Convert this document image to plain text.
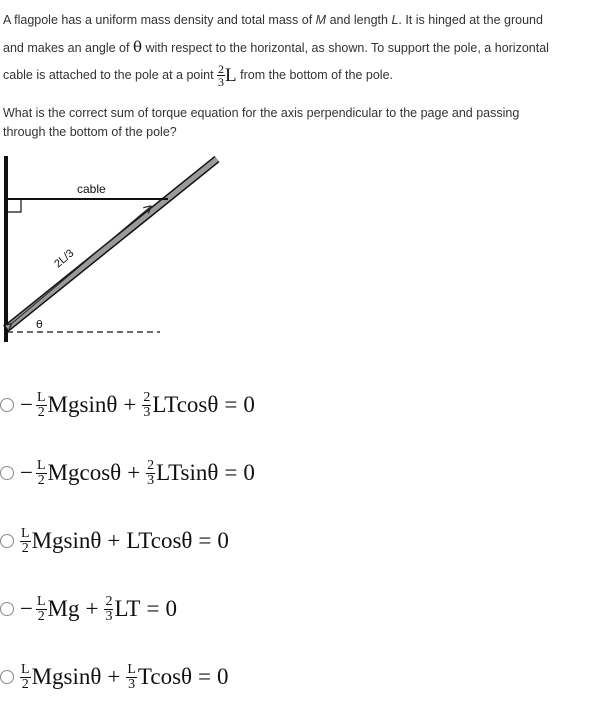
A flagpole has a uniform mass density and total mass of M and length L. It is hinged at the ground

and makes an angle of θ with respect to the horizontal, as shown. To support the pole, a horizontal

cable is attached to the pole at a point $\frac{2}{3}$ L from the bottom of the pole.

What is the correct sum of torque equation for the axis perpendicular to the page and passing
through the bottom of the pole?
cable
2L/3
θ
− $\frac{L}{2}$ $Mgsin\theta + \frac{2}{3}$ LTcosθ = 0
− $\frac{L}{2}$ $Mgcos\theta + \frac{2}{3}$ LTsinθ = 0
$\frac{L}{2}$ Mgsinθ + LTcosθ = 0
− $\frac{L}{2}$ $Mg + \frac{2}{3}$ LT = 0
$\frac{L}{2}$ $Mgsin\theta + \frac{L}{3}$ Tcosθ = 0
